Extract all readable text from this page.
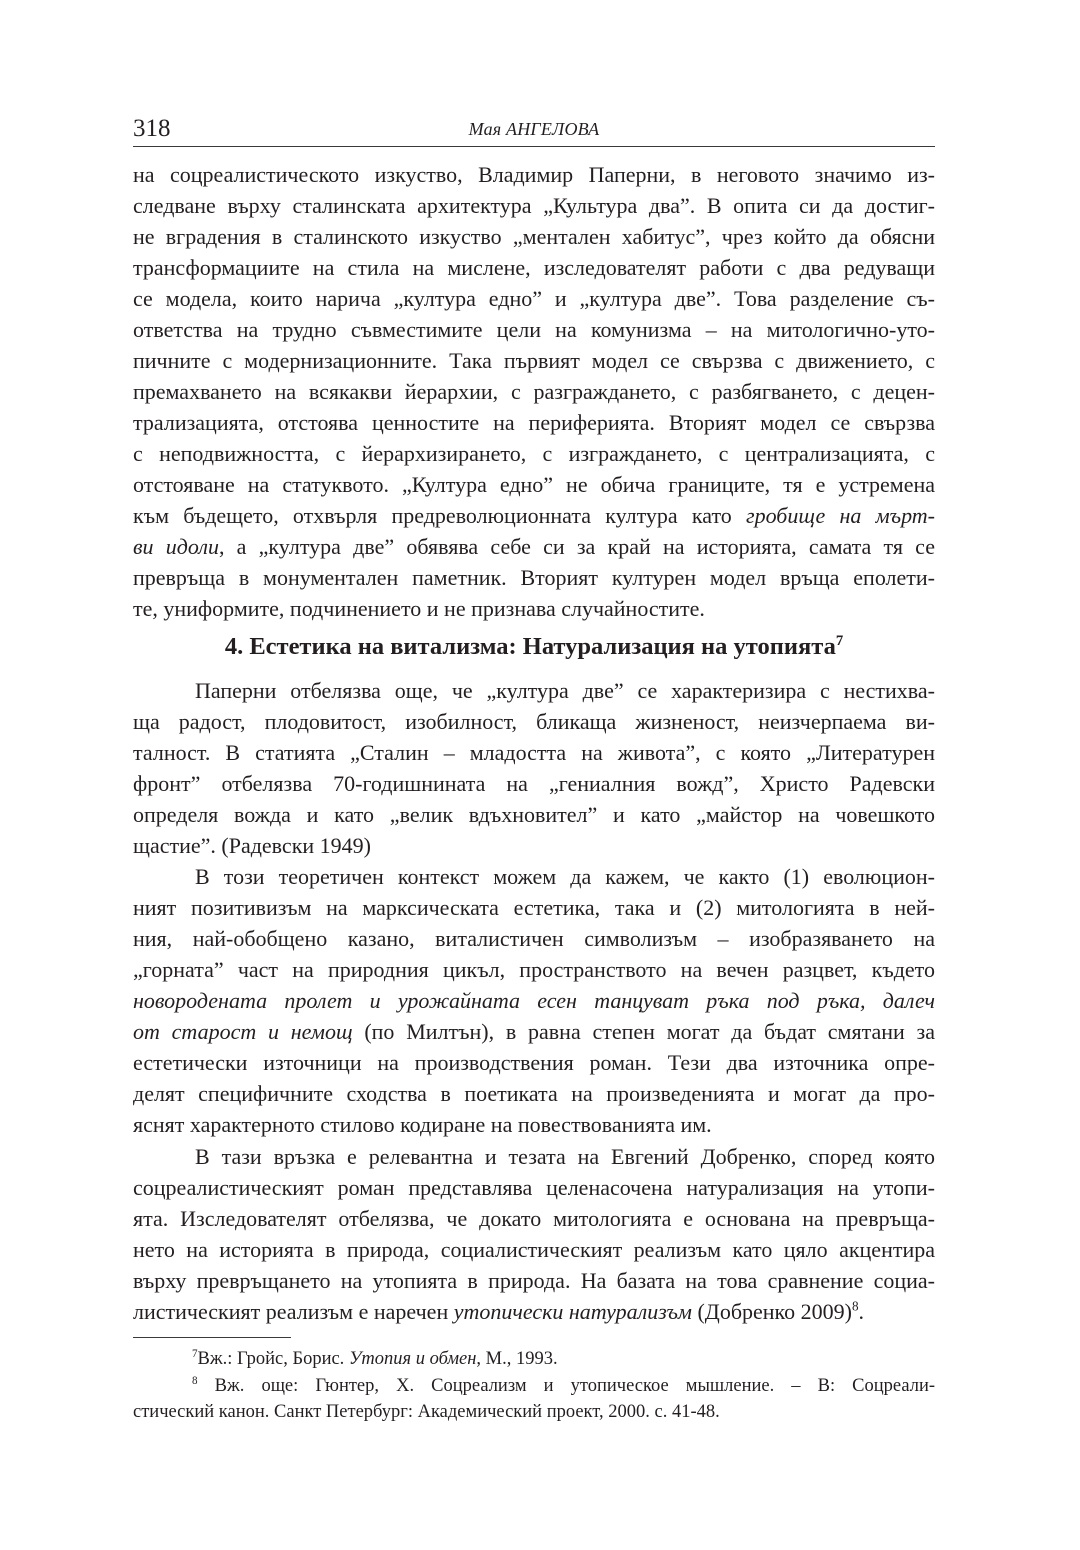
318	Мая АНГЕЛОВА
на соцреалистическото изкуство, Владимир Паперни, в неговото значимо из-
следване върху сталинската архитектура „Культура два”. В опита си да достиг-
не вградения в сталинското изкуство „ментален хабитус”, чрез който да обясни
трансформациите на стила на мислене, изследователят работи с два редуващи
се модела, които нарича „култура едно” и „култура две”. Това разделение съ-
ответства на трудно съвместимите цели на комунизма – на митологично-уто-
пичните с модернизационните. Така първият модел се свързва с движението, с
премахването на всякакви йерархии, с разграждането, с разбягването, с децен-
трализацията, отстоява ценностите на периферията. Вторият модел се свързва
с неподвижността, с йерархизирането, с изграждането, с централизацията, с
отстояване на статуквото. „Култура едно” не обича границите, тя е устремена
към бъдещето, отхвърля предреволюционната култура като гробище на мърт-
ви идоли, а „култура две” обявява себе си за край на историята, самата тя се
превръща в монументален паметник. Вторият културен модел връща еполети-
те, униформите, подчинението и не признава случайностите.
4. Естетика на витализма: Натурализация на утопията$^7$
Паперни отбелязва още, че „култура две” се характеризира с нестихва-
ща радост, плодовитост, изобилност, бликаща жизненост, неизчерпаема ви-
талност. В статията „Сталин – младостта на живота”, с която „Литературен
фронт” отбелязва 70-годишнината на „гениалния вожд”, Христо Радевски
определя вожда и като „велик вдъхновител” и като „майстор на човешкото
щастие”. (Радевски 1949)
В този теоретичен контекст можем да кажем, че както (1) еволюцион-
ният позитивизъм на марксическата естетика, така и (2) митологията в ней-
ния, най-обобщено казано, виталистичен символизъм – изобразяването на
„горната” част на природния цикъл, пространството на вечен разцвет, където
новородената пролет и урожайната есен танцуват ръка под ръка, далеч
от старост и немощ (по Милтън), в равна степен могат да бъдат смятани за
естетически източници на производствения роман. Тези два източника опре-
делят специфичните сходства в поетиката на произведенията и могат да про-
яснят характерното стилово кодиране на повествованията им.
В тази връзка е релевантна и тезата на Евгений Добренко, според която
соцреалистическият роман представлява целенасочена натурализация на утопи-
ята. Изследователят отбелязва, че докато митологията е основана на превръща-
нето на историята в природа, социалистическият реализъм като цяло акцентира
върху превръщането на утопията в природа. На базата на това сравнение социа-
листическият реализъм е наречен утопически натурализъм (Добренко 2009)$^8$.
$^7$Вж.: Гройс, Борис. Утопия и обмен, М., 1993.
$^8$ Вж. още: Гюнтер, Х. Соцреализм и утопическое мышление. – В: Соцреали-
стический канон. Санкт Петербург: Академический проект, 2000. с. 41-48.
